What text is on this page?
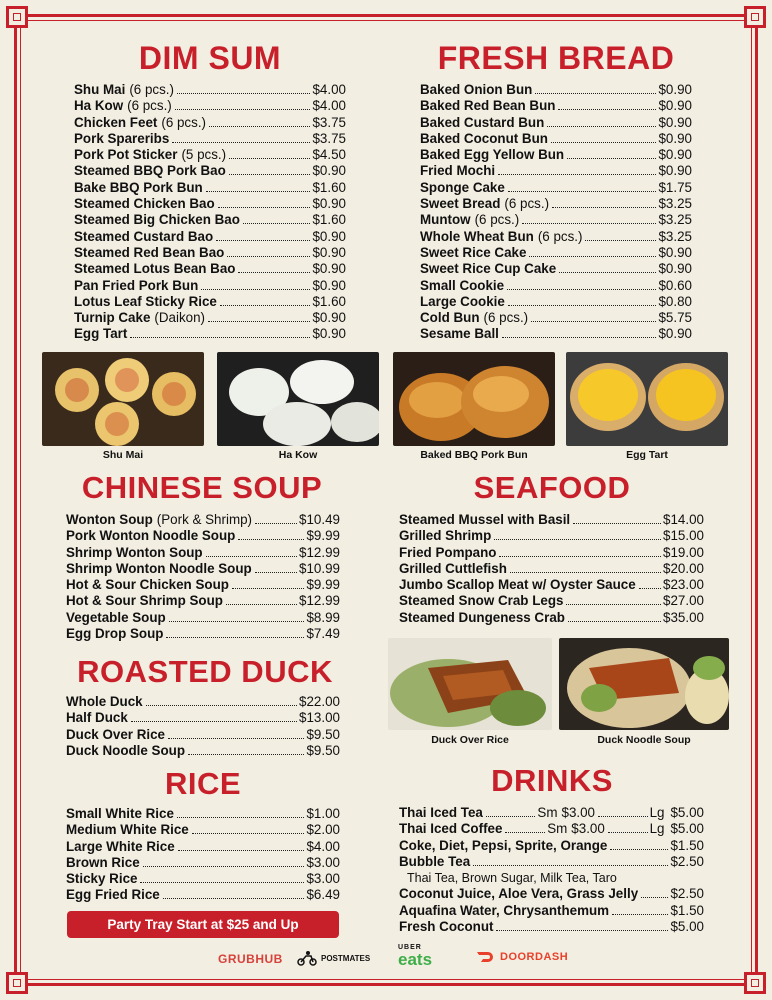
DIM SUM
Shu Mai (6 pcs.)	$4.00
Ha Kow (6 pcs.)	$4.00
Chicken Feet (6 pcs.)	$3.75
Pork Spareribs	$3.75
Pork Pot Sticker (5 pcs.)	$4.50
Steamed BBQ Pork Bao	$0.90
Bake BBQ Pork Bun	$1.60
Steamed Chicken Bao	$0.90
Steamed Big Chicken Bao	$1.60
Steamed Custard Bao	$0.90
Steamed Red Bean Bao	$0.90
Steamed Lotus Bean Bao	$0.90
Pan Fried Pork Bun	$0.90
Lotus Leaf Sticky Rice	$1.60
Turnip Cake (Daikon)	$0.90
Egg Tart	$0.90
FRESH BREAD
Baked Onion Bun	$0.90
Baked Red Bean Bun	$0.90
Baked Custard Bun	$0.90
Baked Coconut Bun	$0.90
Baked Egg Yellow Bun	$0.90
Fried Mochi	$0.90
Sponge Cake	$1.75
Sweet Bread (6 pcs.)	$3.25
Muntow (6 pcs.)	$3.25
Whole Wheat Bun (6 pcs.)	$3.25
Sweet Rice Cake	$0.90
Sweet Rice Cup Cake	$0.90
Small Cookie	$0.60
Large Cookie	$0.80
Cold Bun (6 pcs.)	$5.75
Sesame Ball	$0.90
Shu Mai	Ha Kow	Baked BBQ Pork Bun	Egg Tart
CHINESE SOUP
Wonton Soup (Pork & Shrimp)	$10.49
Pork Wonton Noodle Soup	$9.99
Shrimp Wonton Soup	$12.99
Shrimp Wonton Noodle Soup	$10.99
Hot & Sour Chicken Soup	$9.99
Hot & Sour Shrimp Soup	$12.99
Vegetable Soup	$8.99
Egg Drop Soup	$7.49
SEAFOOD
Steamed Mussel with Basil	$14.00
Grilled Shrimp	$15.00
Fried Pompano	$19.00
Grilled Cuttlefish	$20.00
Jumbo Scallop Meat w/ Oyster Sauce $23.00
Steamed Snow Crab Legs	$27.00
Steamed Dungeness Crab	$35.00
Duck Over Rice	Duck Noodle Soup
ROASTED DUCK
Whole Duck	$22.00
Half Duck	$13.00
Duck Over Rice	$9.50
Duck Noodle Soup	$9.50
RICE
Small White Rice	$1.00
Medium White Rice	$2.00
Large White Rice	$4.00
Brown Rice	$3.00
Sticky Rice	$3.00
Egg Fried Rice	$6.49
DRINKS
Thai Iced Tea	Sm $3.00	Lg $5.00
Thai Iced Coffee	Sm $3.00	Lg $5.00
Coke, Diet, Pepsi, Sprite, Orange	$1.50
Bubble Tea	$2.50
Thai Tea, Brown Sugar, Milk Tea, Taro
Coconut Juice, Aloe Vera, Grass Jelly $2.50
Aquafina Water, Chrysanthemum	$1.50
Fresh Coconut	$5.00
Party Tray Start at $25 and Up
GRUBHUB	POSTMATES
UBER
eats	DOORDASH
